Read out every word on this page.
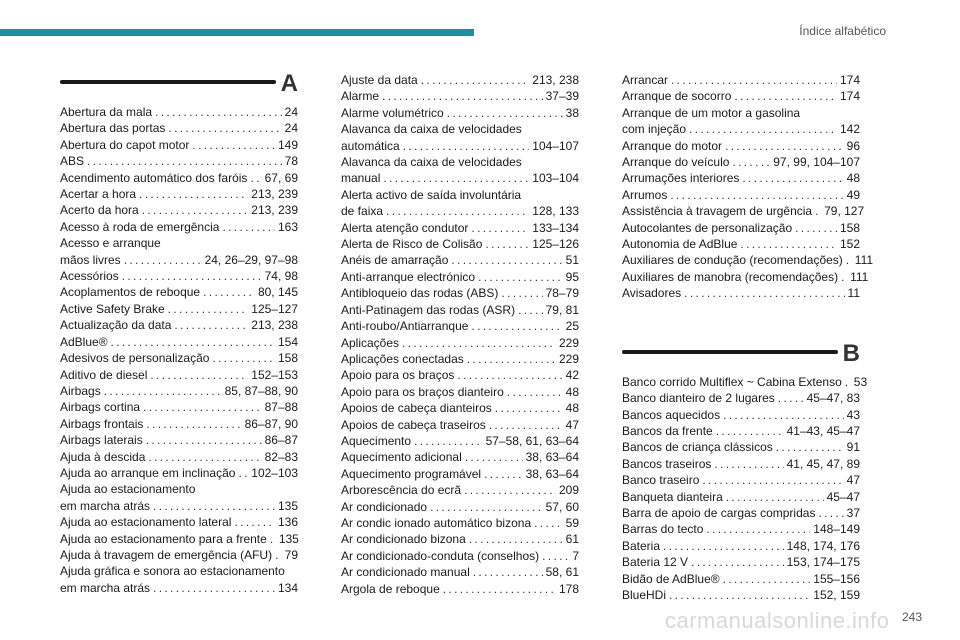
Índice alfabético
A
Abertura da mala . . .	24
Abertura das portas . . .	24
Abertura do capot motor . . .	149
ABS . . .	78
Acendimento automático dos faróis . . . 67, 69
Acertar a hora . . .	213, 239
Acerto da hora . . .	213, 239
Acesso à roda de emergência . . .	163
Acesso e arranque
mãos livres . . .	24, 26–29, 97–98
Acessórios . . .	74, 98
Acoplamentos de reboque . . .	80, 145
Active Safety Brake . . .	125–127
Actualização da data . . .	213, 238
AdBlue® . . .	154
Adesivos de personalização . . .	158
Aditivo de diesel . . .	152–153
Airbags . . .	85, 87–88, 90
Airbags cortina . . .	87–88
Airbags frontais . . .	86–87, 90
Airbags laterais . . .	86–87
Ajuda à descida . . .	82–83
Ajuda ao arranque em inclinação . . . 102–103
Ajuda ao estacionamento
em marcha atrás . . .	135
Ajuda ao estacionamento lateral . . .	136
Ajuda ao estacionamento para a frente . . . 135
Ajuda à travagem de emergência (AFU) . . . 79
Ajuda gráfica e sonora ao estacionamento
em marcha atrás . . .	134
Ajuste da data . . .	213, 238
Alarme . . .	37–39
Alarme volumétrico . . .	38
Alavanca da caixa de velocidades
automática . . .	104–107
Alavanca da caixa de velocidades
manual . . .	103–104
Alerta activo de saída involuntária
de faixa . . .	128, 133
Alerta atenção condutor . . .	133–134
Alerta de Risco de Colisão . . .	125–126
Anéis de amarração . . .	51
Anti-arranque electrónico . . .	95
Antibloqueio das rodas (ABS) . . .	78–79
Anti-Patinagem das rodas (ASR) . . .	79, 81
Anti-roubo/Antiarranque . . .	25
Aplicações . . .	229
Aplicações conectadas . . .	229
Apoio para os braços . . .	42
Apoio para os braços dianteiro . . .	48
Apoios de cabeça dianteiros . . .	48
Apoios de cabeça traseiros . . .	47
Aquecimento . . .	57–58, 61, 63–64
Aquecimento adicional . . .	38, 63–64
Aquecimento programável . . .	38, 63–64
Arborescência do ecrã . . .	209
Ar condicionado . . .	57, 60
Ar condic ionado automático bizona . . .	59
Ar condicionado bizona . . .	61
Ar condicionado-conduta (conselhos) . . .	7
Ar condicionado manual . . .	58, 61
Argola de reboque . . .	178
Arrancar . . .	174
Arranque de socorro . . .	174
Arranque de um motor a gasolina
com injeção . . .	142
Arranque do motor . . .	96
Arranque do veículo . . .	97, 99, 104–107
Arrumações interiores . . .	48
Arrumos . . .	49
Assistência à travagem de urgência . . . 79, 127
Autocolantes de personalização . . .	158
Autonomia de AdBlue . . .	152
Auxiliares de condução (recomendações) . . . 111
Auxiliares de manobra (recomendações) . . . 111
Avisadores . . .	11
B
Banco corrido Multiflex ~ Cabina Extenso . . . 53
Banco dianteiro de 2 lugares . . .	45–47, 83
Bancos aquecidos . . .	43
Bancos da frente . . .	41–43, 45–47
Bancos de criança clássicos . . .	91
Bancos traseiros . . .	41, 45, 47, 89
Banco traseiro . . .	47
Banqueta dianteira . . .	45–47
Barra de apoio de cargas compridas . . .	37
Barras do tecto . . .	148–149
Bateria . . .	148, 174, 176
Bateria 12 V . . .	153, 174–175
Bidão de AdBlue® . . .	155–156
BlueHDi . . .	152, 159
243
carmanualsonline.info
